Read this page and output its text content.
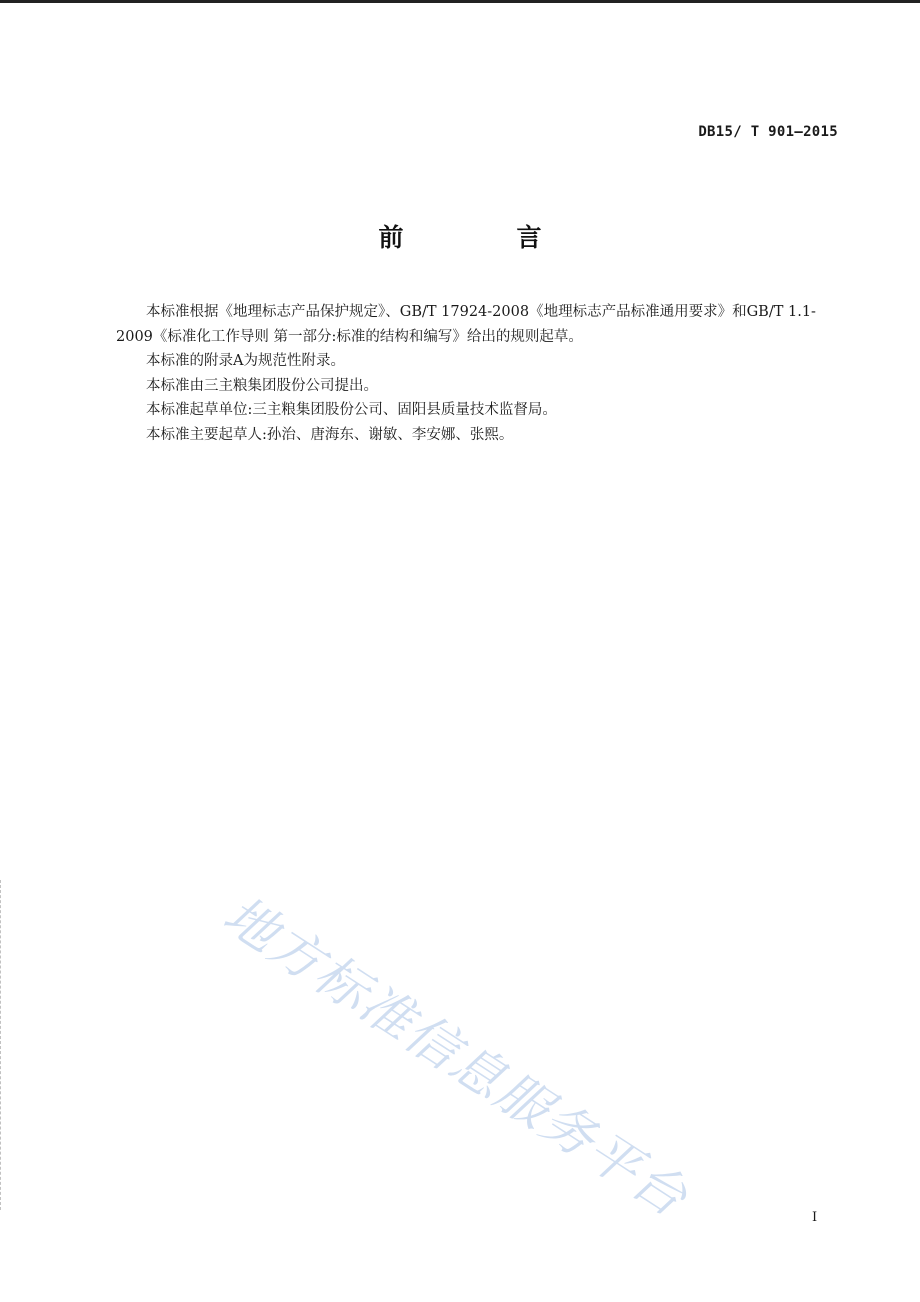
DB15/ T 901—2015
前　言

本标准根据《地理标志产品保护规定》、GB/T 17924-2008《地理标志产品标准通用要求》和GB/T 1.1-2009《标准化工作导则 第一部分:标准的结构和编写》给出的规则起草。

本标准的附录A为规范性附录。

本标准由三主粮集团股份公司提出。

本标准起草单位:三主粮集团股份公司、固阳县质量技术监督局。

本标准主要起草人:孙治、唐海东、谢敏、李安娜、张熙。

地方标准信息服务平台	I
